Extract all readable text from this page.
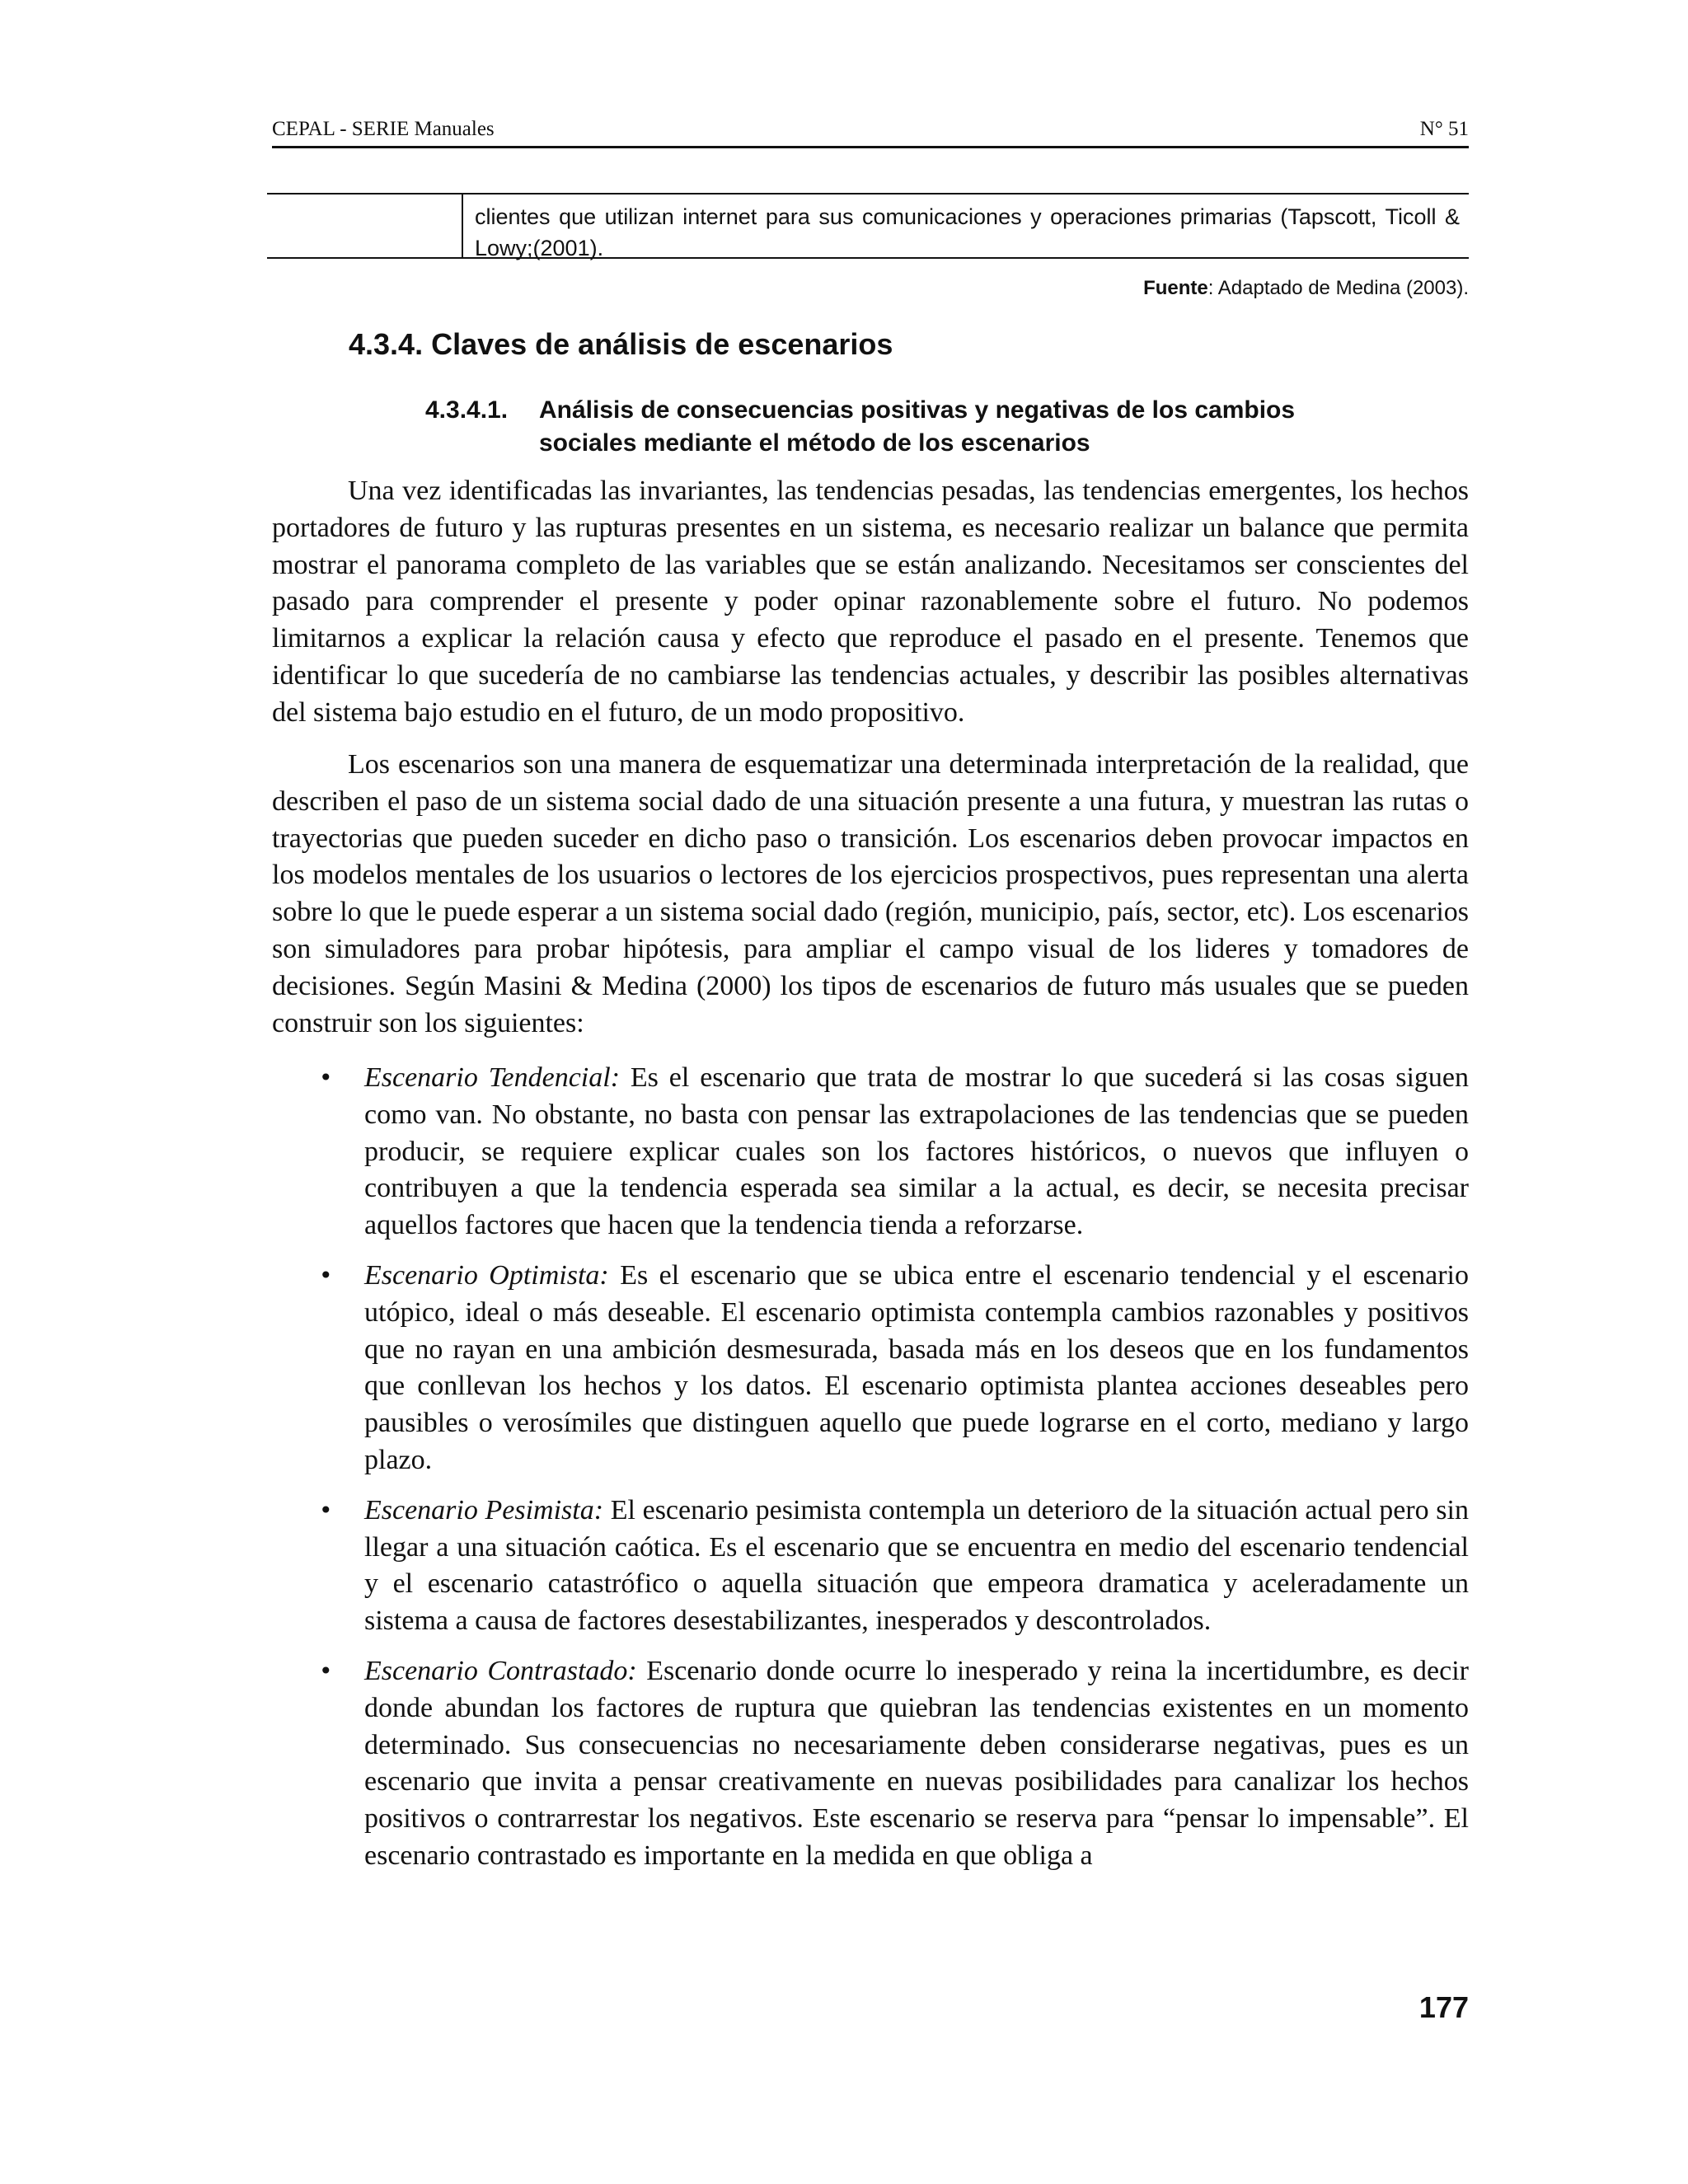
CEPAL - SERIE Manuales	N° 51
clientes que utilizan internet para sus comunicaciones y operaciones primarias (Tapscott, Ticoll & Lowy;(2001).
Fuente: Adaptado de Medina (2003).
4.3.4. Claves de análisis de escenarios
4.3.4.1. Análisis de consecuencias positivas y negativas de los cambios sociales mediante el método de los escenarios

Una vez identificadas las invariantes, las tendencias pesadas, las tendencias emergentes, los hechos portadores de futuro y las rupturas presentes en un sistema, es necesario realizar un balance que permita mostrar el panorama completo de las variables que se están analizando. Necesitamos ser conscientes del pasado para comprender el presente y poder opinar razonablemente sobre el futuro. No podemos limitarnos a explicar la relación causa y efecto que reproduce el pasado en el presente. Tenemos que identificar lo que sucedería de no cambiarse las tendencias actuales, y describir las posibles alternativas del sistema bajo estudio en el futuro, de un modo propositivo.

Los escenarios son una manera de esquematizar una determinada interpretación de la realidad, que describen el paso de un sistema social dado de una situación presente a una futura, y muestran las rutas o trayectorias que pueden suceder en dicho paso o transición. Los escenarios deben provocar impactos en los modelos mentales de los usuarios o lectores de los ejercicios prospectivos, pues representan una alerta sobre lo que le puede esperar a un sistema social dado (región, municipio, país, sector, etc). Los escenarios son simuladores para probar hipótesis, para ampliar el campo visual de los lideres y tomadores de decisiones. Según Masini & Medina (2000) los tipos de escenarios de futuro más usuales que se pueden construir son los siguientes:

• Escenario Tendencial: Es el escenario que trata de mostrar lo que sucederá si las cosas siguen como van. No obstante, no basta con pensar las extrapolaciones de las tendencias que se pueden producir, se requiere explicar cuales son los factores históricos, o nuevos que influyen o contribuyen a que la tendencia esperada sea similar a la actual, es decir, se necesita precisar aquellos factores que hacen que la tendencia tienda a reforzarse.
• Escenario Optimista: Es el escenario que se ubica entre el escenario tendencial y el escenario utópico, ideal o más deseable. El escenario optimista contempla cambios razonables y positivos que no rayan en una ambición desmesurada, basada más en los deseos que en los fundamentos que conllevan los hechos y los datos. El escenario optimista plantea acciones deseables pero pausibles o verosímiles que distinguen aquello que puede lograrse en el corto, mediano y largo plazo.
• Escenario Pesimista: El escenario pesimista contempla un deterioro de la situación actual pero sin llegar a una situación caótica. Es el escenario que se encuentra en medio del escenario tendencial y el escenario catastrófico o aquella situación que empeora dramatica y aceleradamente un sistema a causa de factores desestabilizantes, inesperados y descontrolados.
• Escenario Contrastado: Escenario donde ocurre lo inesperado y reina la incertidumbre, es decir donde abundan los factores de ruptura que quiebran las tendencias existentes en un momento determinado. Sus consecuencias no necesariamente deben considerarse negativas, pues es un escenario que invita a pensar creativamente en nuevas posibilidades para canalizar los hechos positivos o contrarrestar los negativos. Este escenario se reserva para “pensar lo impensable”. El escenario contrastado es importante en la medida en que obliga a
177
